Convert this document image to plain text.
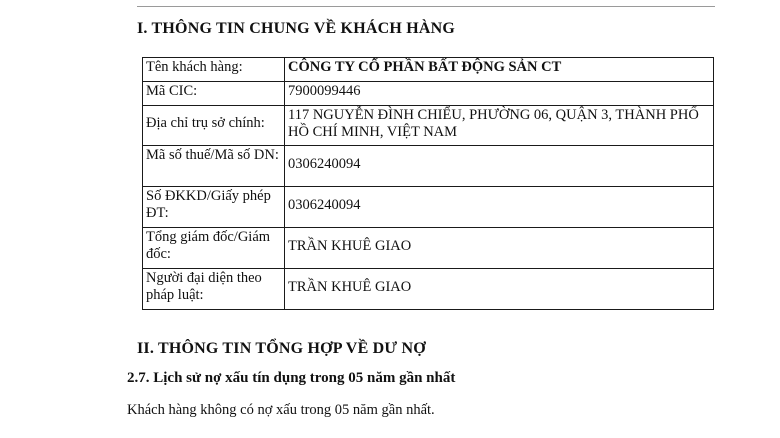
I. THÔNG TIN CHUNG VỀ KHÁCH HÀNG
Tên khách hàng:	CÔNG TY CỔ PHẦN BẤT ĐỘNG SẢN CT
Mã CIC:	7900099446

Địa chỉ trụ sở chính:	117 NGUYỄN ĐÌNH CHIỂU, PHƯỜNG 06, QUẬN 3, THÀNH PHỐ HỒ CHÍ MINH, VIỆT NAM
Mã số thuế/Mã số DN:	0306240094

Số ĐKKD/Giấy phép ĐT:	0306240094

Tổng giám đốc/Giám đốc:	TRẦN KHUÊ GIAO

Người đại diện theo pháp luật:	TRẦN KHUÊ GIAO
II. THÔNG TIN TỔNG HỢP VỀ DƯ NỢ
2.7. Lịch sử nợ xấu tín dụng trong 05 năm gần nhất
Khách hàng không có nợ xấu trong 05 năm gần nhất.
